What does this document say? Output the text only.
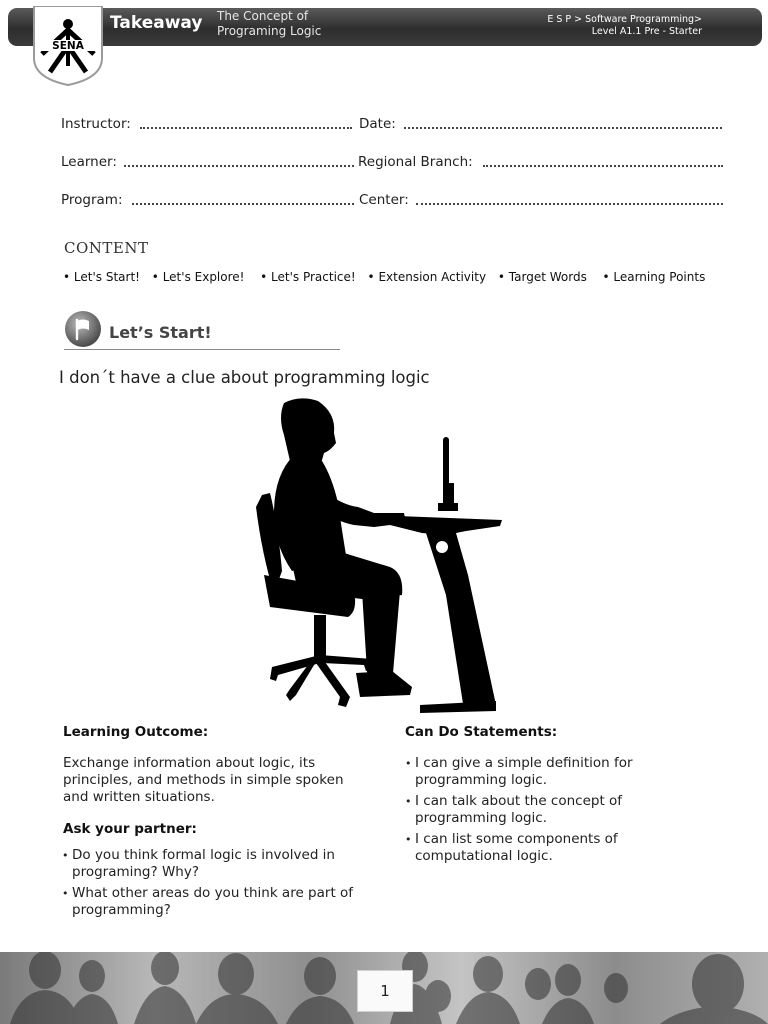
Takeaway The Concept of
Programing Logic
E S P > Software Programming>
Level A1.1 Pre - Starter
SENA
Instructor:	Date:
Learner:	Regional Branch:
Program:	Center:
CONTENT
• Let's Start! • Let's Explore!  • Let's Practice! • Extension Activity • Target Words  • Learning Points
Let’s Start!
I don´t have a clue about programming logic
Learning Outcome:
Exchange information about logic, its principles, and methods in simple spoken and written situations.
Ask your partner:
• Do you think formal logic is involved in programing? Why?
• What other areas do you think are part of programming?
Can Do Statements:
• I can give a simple definition for programming logic.
• I can talk about the concept of programming logic.
• I can list some components of computational logic.
1
